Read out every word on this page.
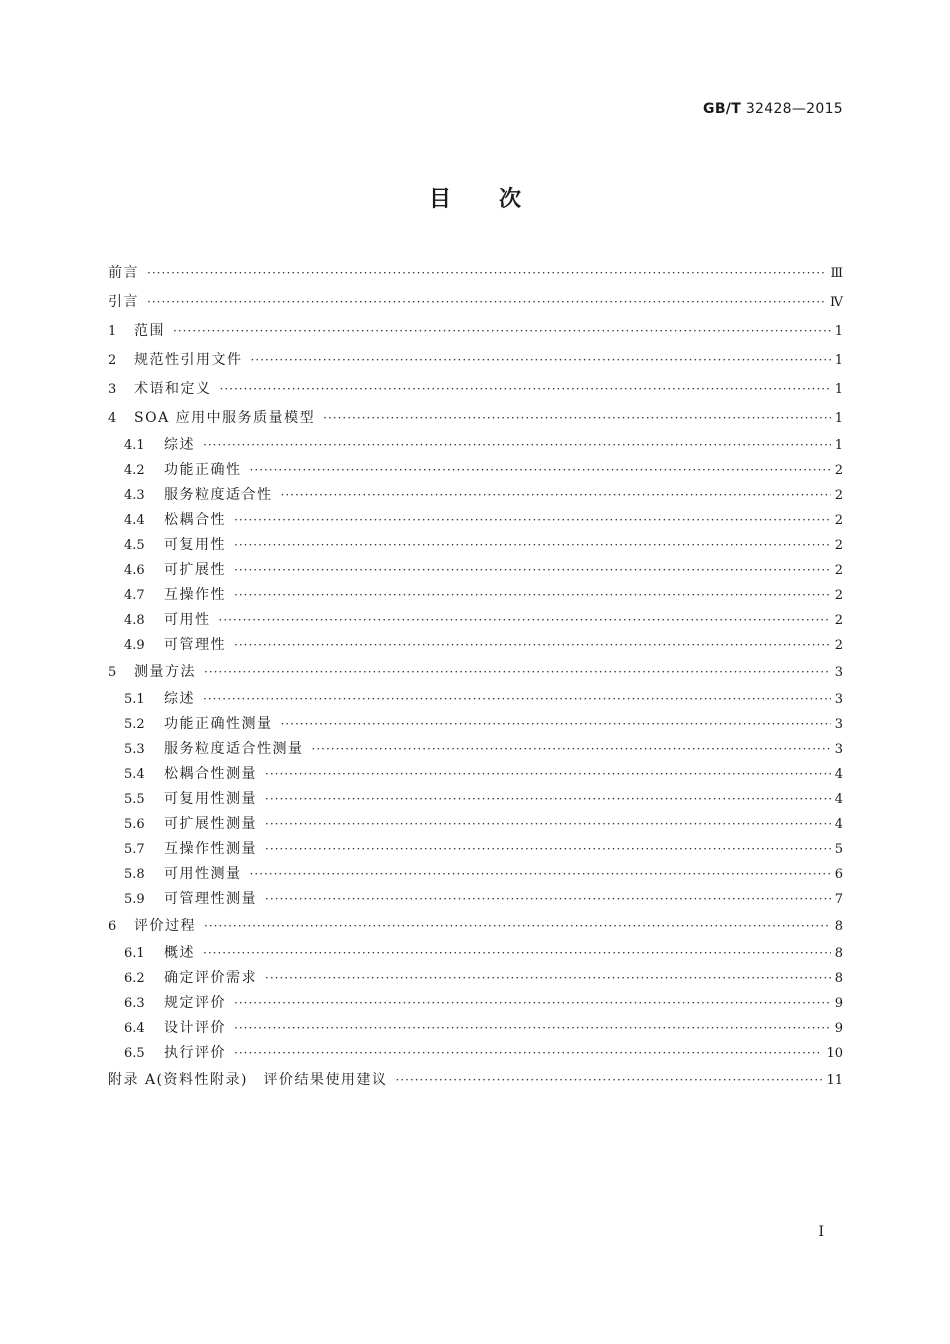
GB/T 32428—2015
目次
前言 ·····	Ⅲ
引言 ·····	Ⅳ
1	范围 ·····	1
2	规范性引用文件 ·····	1
3	术语和定义 ·····	1
4	SOA 应用中服务质量模型 ·····	1
4.1	综述 ·····	1
4.2	功能正确性 ·····	2
4.3	服务粒度适合性 ·····	2
4.4	松耦合性 ·····	2
4.5	可复用性 ·····	2
4.6	可扩展性 ·····	2
4.7	互操作性 ·····	2
4.8	可用性 ·····	2
4.9	可管理性 ·····	2
5	测量方法 ·····	3
5.1	综述 ·····	3
5.2	功能正确性测量 ·····	3
5.3	服务粒度适合性测量 ·····	3
5.4	松耦合性测量 ·····	4
5.5	可复用性测量 ·····	4
5.6	可扩展性测量 ·····	4
5.7	互操作性测量 ·····	5
5.8	可用性测量 ·····	6
5.9	可管理性测量 ·····	7
6	评价过程 ·····	8
6.1	概述 ·····	8
6.2	确定评价需求 ·····	8
6.3	规定评价 ·····	9
6.4	设计评价 ·····	9
6.5	执行评价 ·····	10
附录 A(资料性附录)　评价结果使用建议 ·····	11
Ⅰ
